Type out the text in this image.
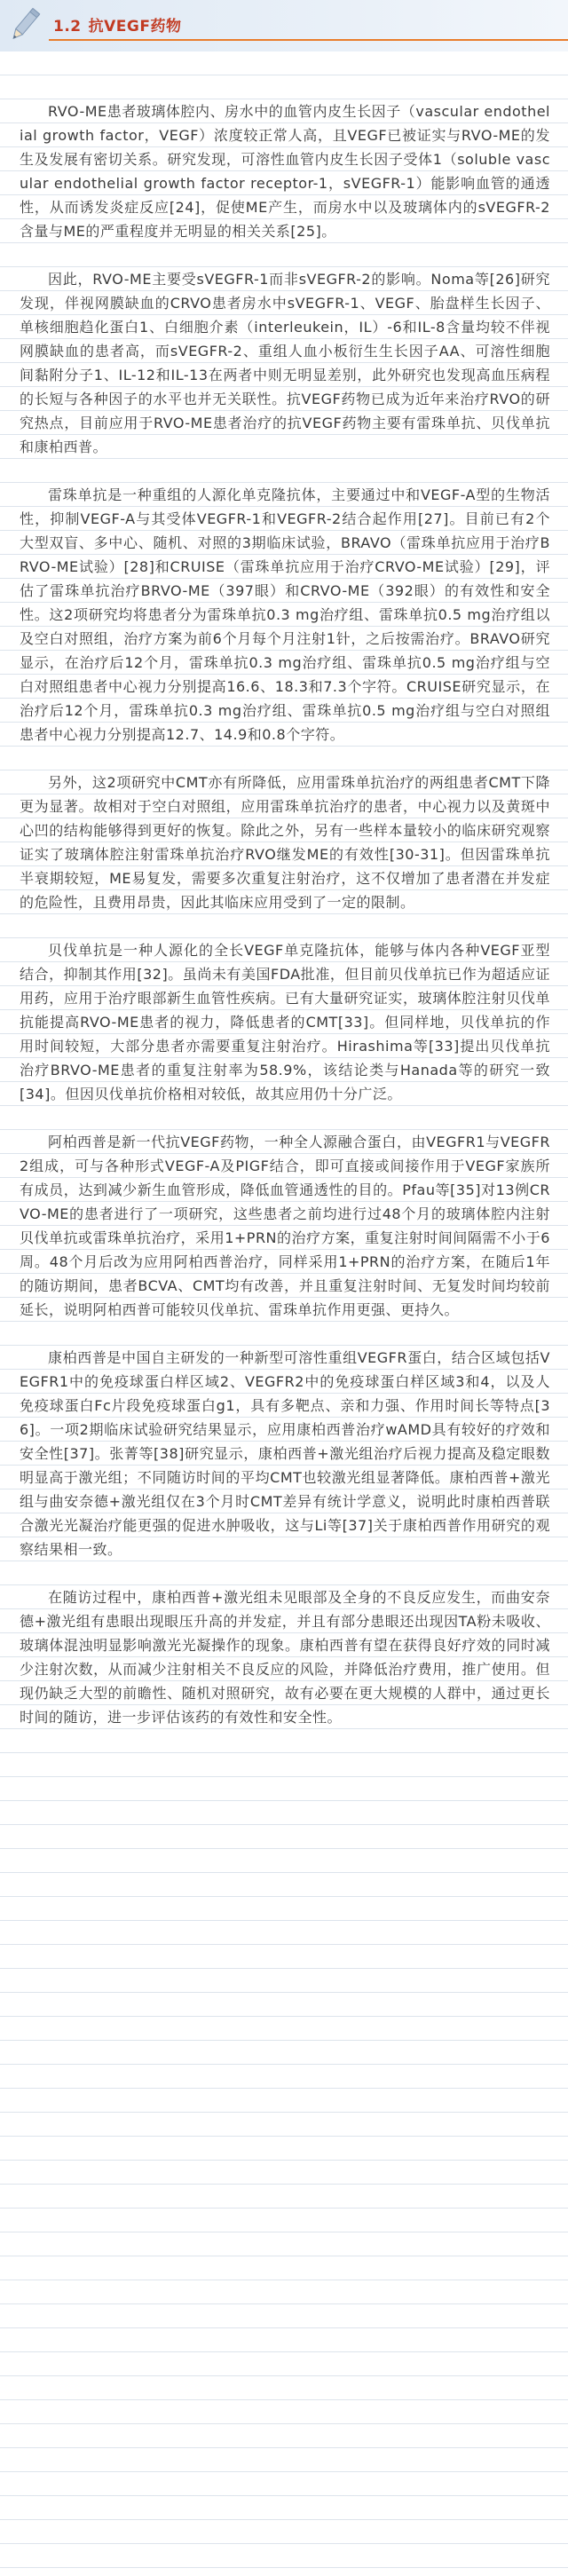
1.2 抗VEGF药物

RVO-ME患者玻璃体腔内、房水中的血管内皮生长因子（vascular endothelial growth factor，VEGF）浓度较正常人高，且VEGF已被证实与RVO-ME的发生及发展有密切关系。研究发现，可溶性血管内皮生长因子受体1（soluble vascular endothelial growth factor receptor-1，sVEGFR-1）能影响血管的通透性，从而诱发炎症反应[24]，促使ME产生，而房水中以及玻璃体内的sVEGFR-2含量与ME的严重程度并无明显的相关关系[25]。

因此，RVO-ME主要受sVEGFR-1而非sVEGFR-2的影响。Noma等[26]研究发现，伴视网膜缺血的CRVO患者房水中sVEGFR-1、VEGF、胎盘样生长因子、单核细胞趋化蛋白1、白细胞介素（interleukein，IL）-6和IL-8含量均较不伴视网膜缺血的患者高，而sVEGFR-2、重组人血小板衍生生长因子AA、可溶性细胞间黏附分子1、IL-12和IL-13在两者中则无明显差别，此外研究也发现高血压病程的长短与各种因子的水平也并无关联性。抗VEGF药物已成为近年来治疗RVO的研究热点，目前应用于RVO-ME患者治疗的抗VEGF药物主要有雷珠单抗、贝伐单抗和康柏西普。

雷珠单抗是一种重组的人源化单克隆抗体，主要通过中和VEGF-A型的生物活性，抑制VEGF-A与其受体VEGFR-1和VEGFR-2结合起作用[27]。目前已有2个大型双盲、多中心、随机、对照的3期临床试验，BRAVO（雷珠单抗应用于治疗BRVO-ME试验）[28]和CRUISE（雷珠单抗应用于治疗CRVO-ME试验）[29]，评估了雷珠单抗治疗BRVO-ME（397眼）和CRVO-ME（392眼）的有效性和安全性。这2项研究均将患者分为雷珠单抗0.3 mg治疗组、雷珠单抗0.5 mg治疗组以及空白对照组，治疗方案为前6个月每个月注射1针，之后按需治疗。BRAVO研究显示，在治疗后12个月，雷珠单抗0.3 mg治疗组、雷珠单抗0.5 mg治疗组与空白对照组患者中心视力分别提高16.6、18.3和7.3个字符。CRUISE研究显示，在治疗后12个月，雷珠单抗0.3 mg治疗组、雷珠单抗0.5 mg治疗组与空白对照组患者中心视力分别提高12.7、14.9和0.8个字符。

另外，这2项研究中CMT亦有所降低，应用雷珠单抗治疗的两组患者CMT下降更为显著。故相对于空白对照组，应用雷珠单抗治疗的患者，中心视力以及黄斑中心凹的结构能够得到更好的恢复。除此之外，另有一些样本量较小的临床研究观察证实了玻璃体腔注射雷珠单抗治疗RVO继发ME的有效性[30-31]。但因雷珠单抗半衰期较短，ME易复发，需要多次重复注射治疗，这不仅增加了患者潜在并发症的危险性，且费用昂贵，因此其临床应用受到了一定的限制。

贝伐单抗是一种人源化的全长VEGF单克隆抗体，能够与体内各种VEGF亚型结合，抑制其作用[32]。虽尚未有美国FDA批准，但目前贝伐单抗已作为超适应证用药，应用于治疗眼部新生血管性疾病。已有大量研究证实，玻璃体腔注射贝伐单抗能提高RVO-ME患者的视力，降低患者的CMT[33]。但同样地，贝伐单抗的作用时间较短，大部分患者亦需要重复注射治疗。Hirashima等[33]提出贝伐单抗治疗BRVO-ME患者的重复注射率为58.9%，该结论类与Hanada等的研究一致 [34]。但因贝伐单抗价格相对较低，故其应用仍十分广泛。

阿柏西普是新一代抗VEGF药物，一种全人源融合蛋白，由VEGFR1与VEGFR2组成，可与各种形式VEGF-A及PIGF结合，即可直接或间接作用于VEGF家族所有成员，达到减少新生血管形成，降低血管通透性的目的。Pfau等[35]对13例CRVO-ME的患者进行了一项研究，这些患者之前均进行过48个月的玻璃体腔内注射贝伐单抗或雷珠单抗治疗，采用1+PRN的治疗方案，重复注射时间间隔需不小于6周。48个月后改为应用阿柏西普治疗，同样采用1+PRN的治疗方案，在随后1年的随访期间，患者BCVA、CMT均有改善，并且重复注射时间、无复发时间均较前延长，说明阿柏西普可能较贝伐单抗、雷珠单抗作用更强、更持久。

康柏西普是中国自主研发的一种新型可溶性重组VEGFR蛋白，结合区域包括VEGFR1中的免疫球蛋白样区域2、VEGFR2中的免疫球蛋白样区域3和4，以及人免疫球蛋白Fc片段免疫球蛋白g1，具有多靶点、亲和力强、作用时间长等特点[36]。一项2期临床试验研究结果显示，应用康柏西普治疗wAMD具有较好的疗效和安全性[37]。张菁等[38]研究显示，康柏西普+激光组治疗后视力提高及稳定眼数明显高于激光组；不同随访时间的平均CMT也较激光组显著降低。康柏西普+激光组与曲安奈德+激光组仅在3个月时CMT差异有统计学意义，说明此时康柏西普联合激光光凝治疗能更强的促进水肿吸收，这与Li等[37]关于康柏西普作用研究的观察结果相一致。

在随访过程中，康柏西普+激光组未见眼部及全身的不良反应发生，而曲安奈德+激光组有患眼出现眼压升高的并发症，并且有部分患眼还出现因TA粉未吸收、玻璃体混浊明显影响激光光凝操作的现象。康柏西普有望在获得良好疗效的同时减少注射次数，从而减少注射相关不良反应的风险，并降低治疗费用，推广使用。但现仍缺乏大型的前瞻性、随机对照研究，故有必要在更大规模的人群中，通过更长时间的随访，进一步评估该药的有效性和安全性。
